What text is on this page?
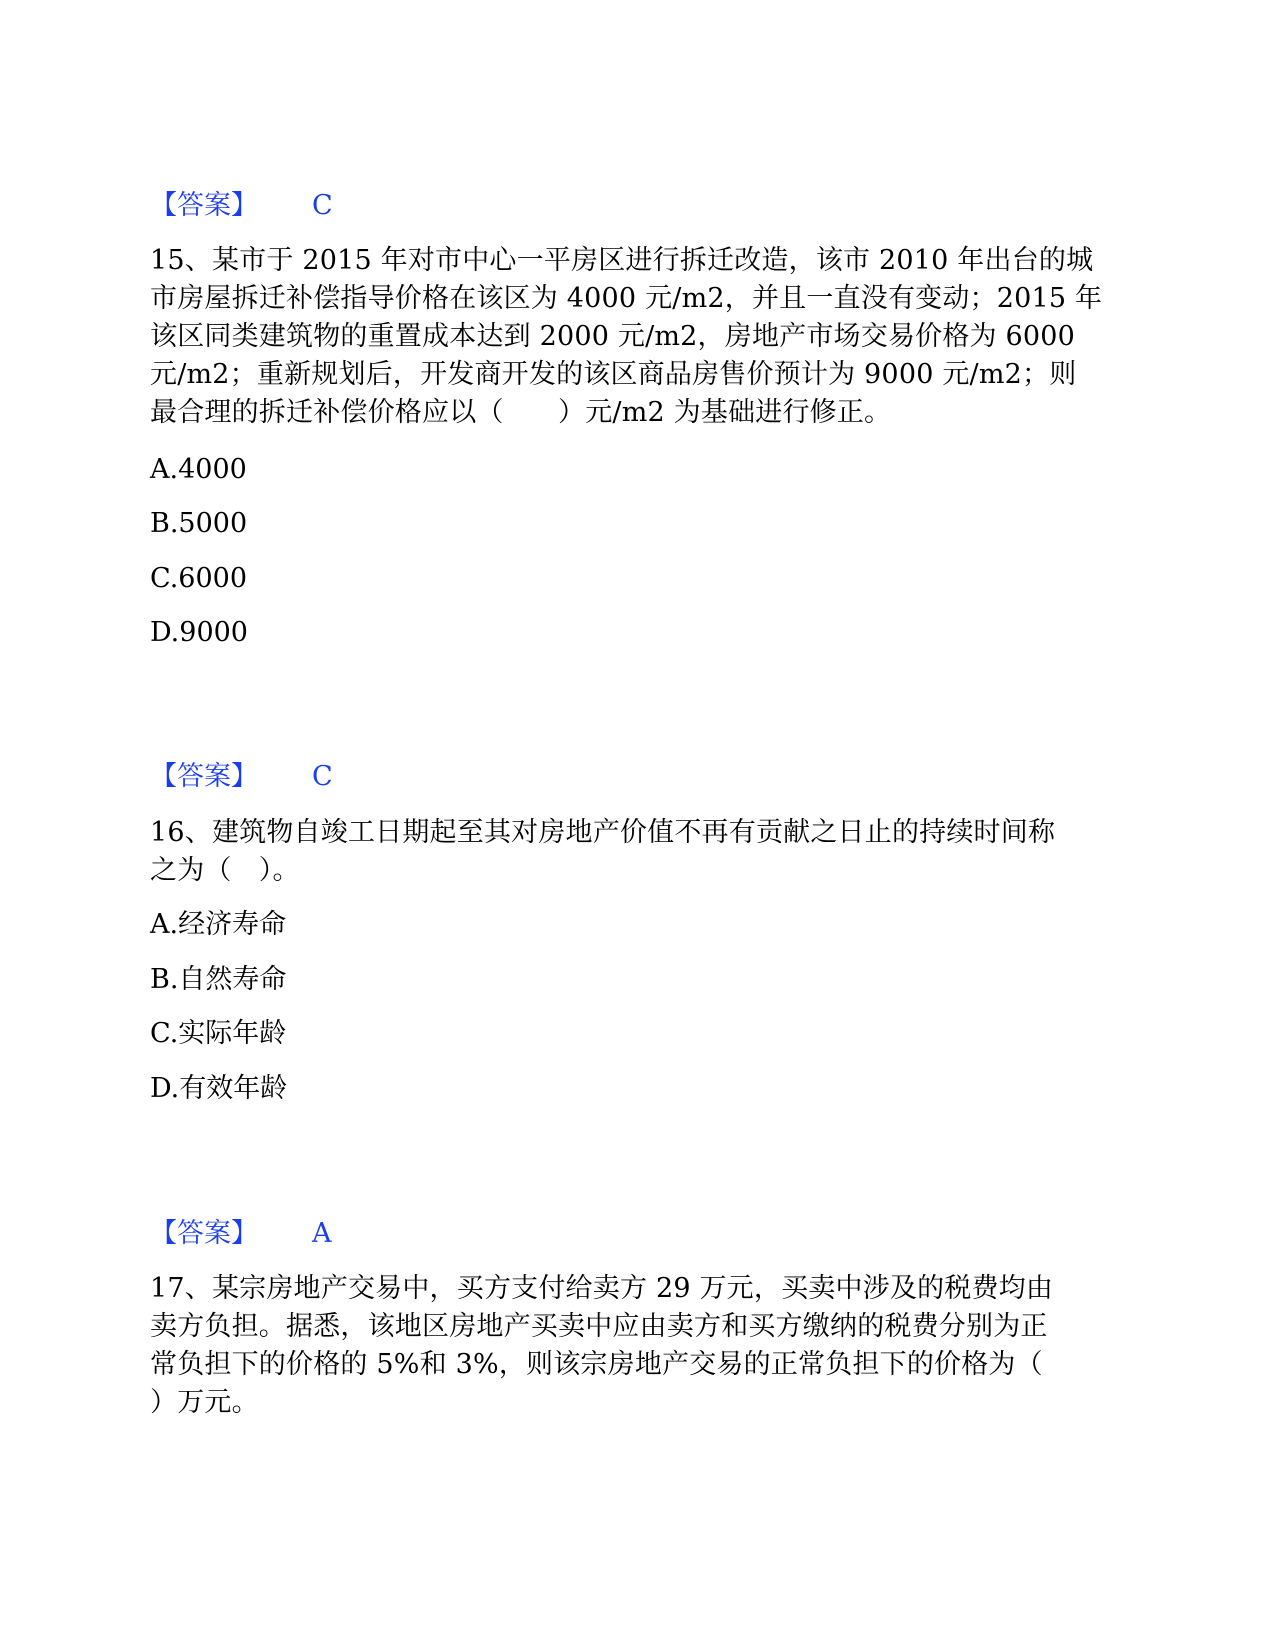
【答案】 C
15、某市于 2015 年对市中心一平房区进行拆迁改造，该市 2010 年出台的城
市房屋拆迁补偿指导价格在该区为 4000 元/m2，并且一直没有变动；2015 年
该区同类建筑物的重置成本达到 2000 元/m2，房地产市场交易价格为 6000
元/m2；重新规划后，开发商开发的该区商品房售价预计为 9000 元/m2；则
最合理的拆迁补偿价格应以（　　）元/m2 为基础进行修正。
A.4000
B.5000
C.6000
D.9000
【答案】 C
16、建筑物自竣工日期起至其对房地产价值不再有贡献之日止的持续时间称
之为（　）。
A.经济寿命
B.自然寿命
C.实际年龄
D.有效年龄
【答案】 A
17、某宗房地产交易中，买方支付给卖方 29 万元，买卖中涉及的税费均由
卖方负担。据悉，该地区房地产买卖中应由卖方和买方缴纳的税费分别为正
常负担下的价格的 5%和 3%，则该宗房地产交易的正常负担下的价格为（
）万元。
